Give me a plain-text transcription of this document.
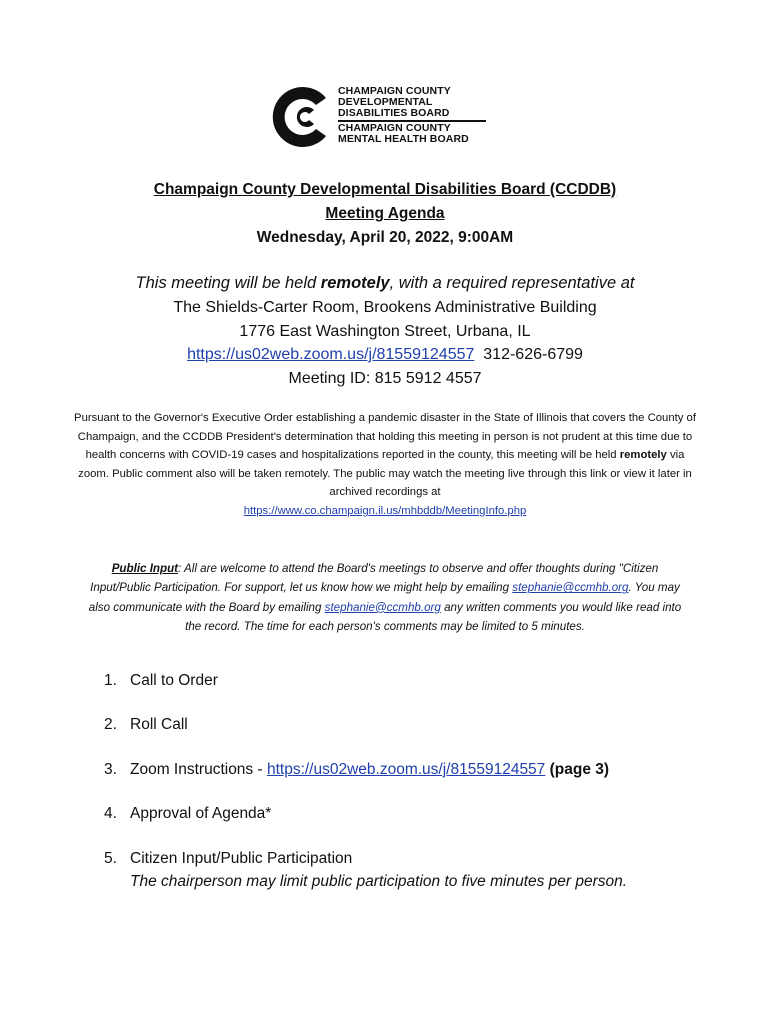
CHAMPAIGN COUNTY
DEVELOPMENTAL
DISABILITIES BOARD
CHAMPAIGN COUNTY
MENTAL HEALTH BOARD
Champaign County Developmental Disabilities Board (CCDDB)
Meeting Agenda
Wednesday, April 20, 2022, 9:00AM
This meeting will be held remotely, with a required representative at
The Shields-Carter Room, Brookens Administrative Building
1776 East Washington Street, Urbana, IL
https://us02web.zoom.us/j/81559124557 312-626-6799
Meeting ID: 815 5912 4557
Pursuant to the Governor's Executive Order establishing a pandemic disaster in the State of Illinois that covers the County of Champaign, and the CCDDB President's determination that holding this meeting in person is not prudent at this time due to health concerns with COVID-19 cases and hospitalizations reported in the county, this meeting will be held remotely via zoom. Public comment also will be taken remotely. The public may watch the meeting live through this link or view it later in archived recordings at
https://www.co.champaign.il.us/mhbddb/MeetingInfo.php
Public Input: All are welcome to attend the Board's meetings to observe and offer thoughts during "Citizen Input/Public Participation. For support, let us know how we might help by emailing stephanie@ccmhb.org. You may also communicate with the Board by emailing stephanie@ccmhb.org any written comments you would like read into the record. The time for each person's comments may be limited to 5 minutes.
1. Call to Order
2. Roll Call
3. Zoom Instructions - https://us02web.zoom.us/j/81559124557 (page 3)
4. Approval of Agenda*
5. Citizen Input/Public Participation
The chairperson may limit public participation to five minutes per person.
